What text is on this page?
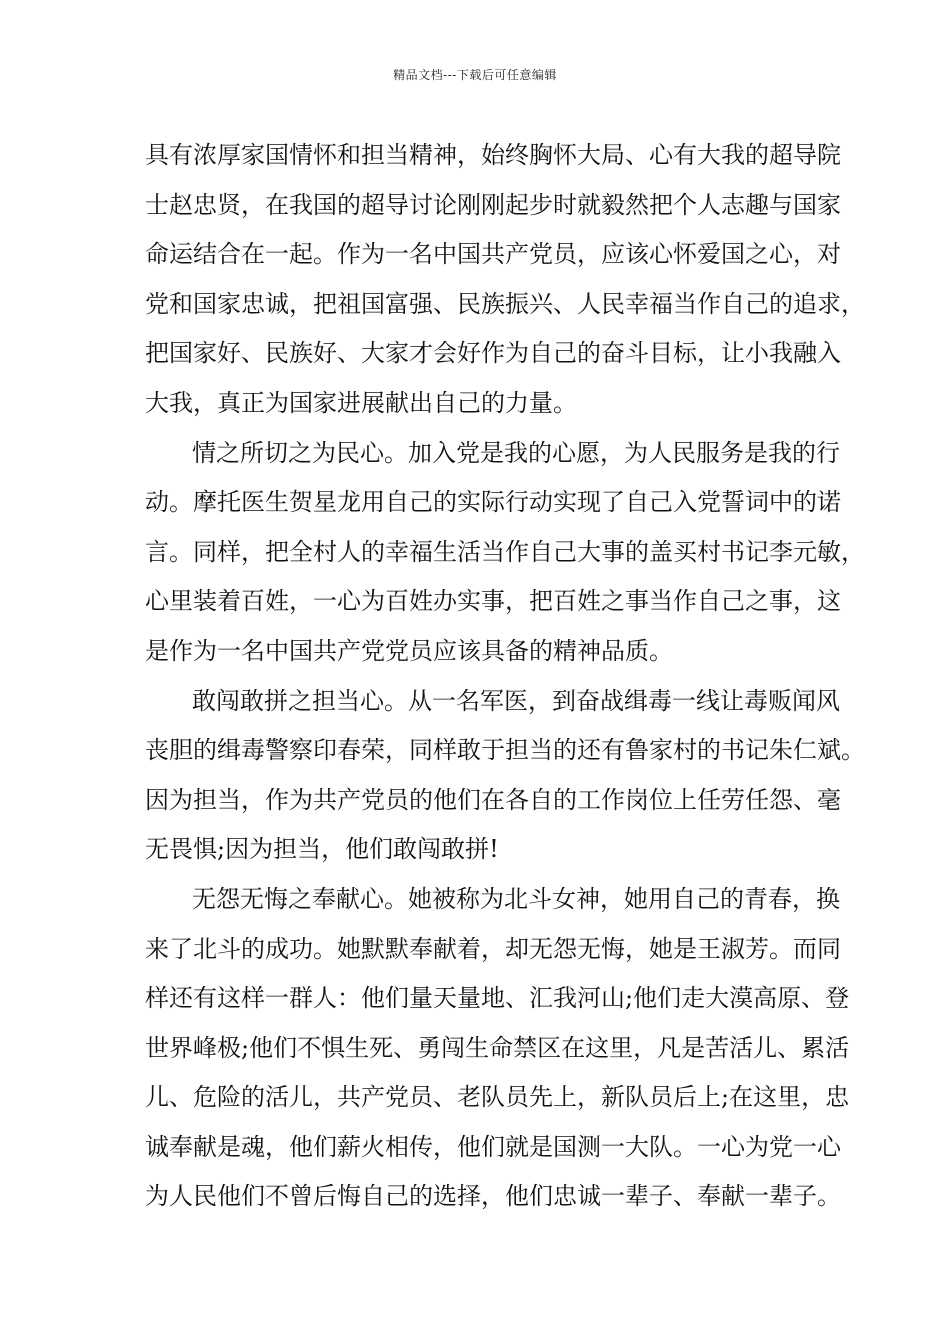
精品文档---下载后可任意编辑
具有浓厚家国情怀和担当精神，始终胸怀大局、心有大我的超导院
士赵忠贤，在我国的超导讨论刚刚起步时就毅然把个人志趣与国家
命运结合在一起。作为一名中国共产党员，应该心怀爱国之心，对
党和国家忠诚，把祖国富强、民族振兴、人民幸福当作自己的追求，
把国家好、民族好、大家才会好作为自己的奋斗目标，让小我融入
大我，真正为国家进展献出自己的力量。
情之所切之为民心。加入党是我的心愿，为人民服务是我的行
动。摩托医生贺星龙用自己的实际行动实现了自己入党誓词中的诺
言。同样，把全村人的幸福生活当作自己大事的盖买村书记李元敏，
心里装着百姓，一心为百姓办实事，把百姓之事当作自己之事，这
是作为一名中国共产党党员应该具备的精神品质。
敢闯敢拼之担当心。从一名军医，到奋战缉毒一线让毒贩闻风
丧胆的缉毒警察印春荣，同样敢于担当的还有鲁家村的书记朱仁斌。
因为担当，作为共产党员的他们在各自的工作岗位上任劳任怨、毫
无畏惧;因为担当，他们敢闯敢拼!
无怨无悔之奉献心。她被称为北斗女神，她用自己的青春，换
来了北斗的成功。她默默奉献着，却无怨无悔，她是王淑芳。而同
样还有这样一群人：他们量天量地、汇我河山;他们走大漠高原、登
世界峰极;他们不惧生死、勇闯生命禁区在这里，凡是苦活儿、累活
儿、危险的活儿，共产党员、老队员先上，新队员后上;在这里，忠
诚奉献是魂，他们薪火相传，他们就是国测一大队。一心为党一心
为人民他们不曾后悔自己的选择，他们忠诚一辈子、奉献一辈子。
